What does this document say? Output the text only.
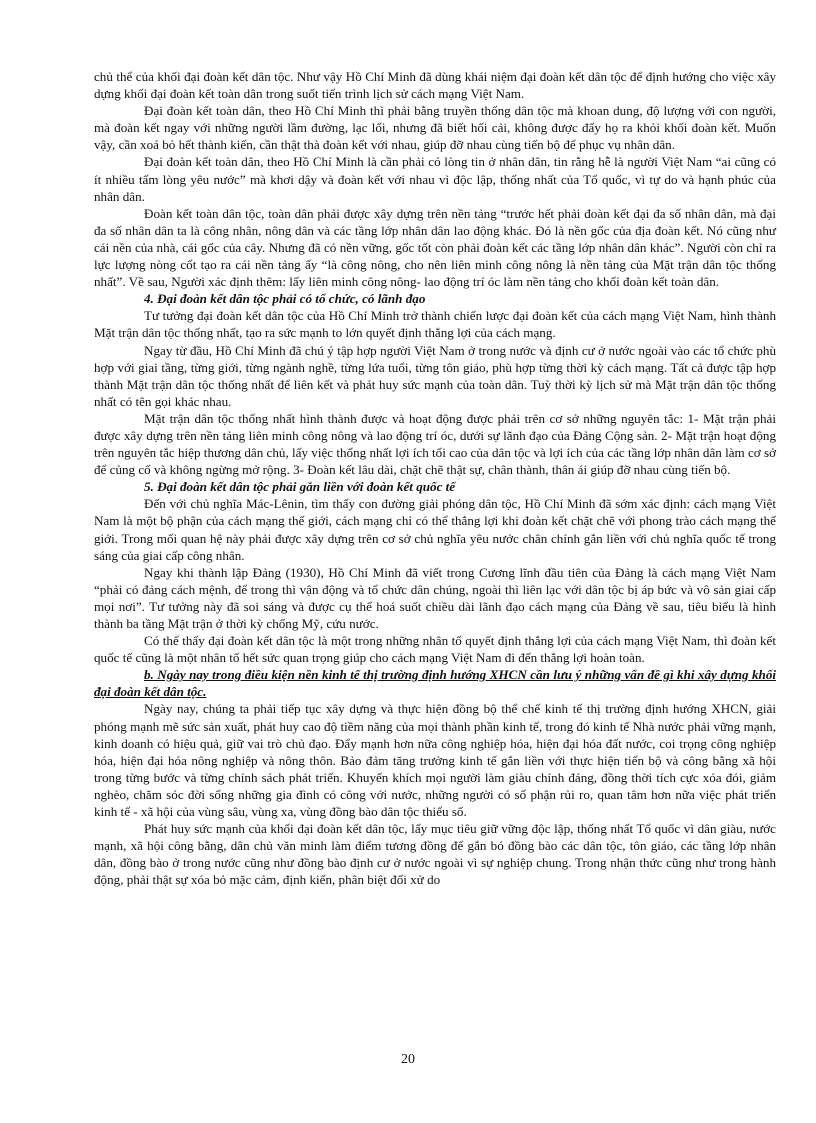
chủ thể của khối đại đoàn kết dân tộc. Như vậy Hồ Chí Minh đã dùng khái niệm đại đoàn kết dân tộc để định hướng cho việc xây dựng khối đại đoàn kết toàn dân trong suốt tiến trình lịch sử cách mạng Việt Nam.

Đại đoàn kết toàn dân, theo Hồ Chí Minh thì phải bằng truyền thống dân tộc mà khoan dung, độ lượng với con người, mà đoàn kết ngay với những người lầm đường, lạc lối, nhưng đã biết hối cải, không được đẩy họ ra khỏi khối đoàn kết. Muốn vậy, cần xoá bỏ hết thành kiến, cần thật thà đoàn kết với nhau, giúp đỡ nhau cùng tiến bộ để phục vụ nhân dân.

Đại đoàn kết toàn dân, theo Hồ Chí Minh là cần phải có lòng tin ở nhân dân, tin rằng hễ là người Việt Nam “ai cũng có ít nhiều tấm lòng yêu nước” mà khơi dậy và đoàn kết với nhau vì độc lập, thống nhất của Tổ quốc, vì tự do và hạnh phúc của nhân dân.

Đoàn kết toàn dân tộc, toàn dân phải được xây dựng trên nền tảng “trước hết phải đoàn kết đại đa số nhân dân, mà đại đa số nhân dân ta là công nhân, nông dân và các tầng lớp nhân dân lao động khác. Đó là nền gốc của địa đoàn kết. Nó cũng như cái nền của nhà, cái gốc của cây. Nhưng đã có nền vững, gốc tốt còn phải đoàn kết các tầng lớp nhân dân khác”. Người còn chỉ ra lực lượng nòng cốt tạo ra cái nền tảng ấy “là công nông, cho nên liên minh công nông là nền tảng của Mặt trận dân tộc thống nhất”. Về sau, Người xác định thêm: lấy liên minh công nông- lao động trí óc làm nền tảng cho khối đoàn kết toàn dân.

4. Đại đoàn kết dân tộc phải có tổ chức, có lãnh đạo

Tư tưởng đại đoàn kết dân tộc của Hồ Chí Minh trở thành chiến lược đại đoàn kết của cách mạng Việt Nam, hình thành Mặt trận dân tộc thống nhất, tạo ra sức mạnh to lớn quyết định thắng lợi của cách mạng.

Ngay từ đầu, Hồ Chí Minh đã chú ý tập hợp người Việt Nam ở trong nước và định cư ở nước ngoài vào các tổ chức phù hợp với giai tầng, từng giới, từng ngành nghề, từng lứa tuổi, từng tôn giáo, phù hợp từng thời kỳ cách mạng. Tất cả được tập hợp thành Mặt trận dân tộc thống nhất để liên kết và phát huy sức mạnh của toàn dân. Tuỳ thời kỳ lịch sử mà Mặt trận dân tộc thống nhất có tên gọi khác nhau.

Mặt trận dân tộc thống nhất hình thành được và hoạt động được phải trên cơ sở những nguyên tắc: 1- Mặt trận phải được xây dựng trên nền tảng liên minh công nông và lao động trí óc, dưới sự lãnh đạo của Đảng Cộng sản. 2- Mặt trận hoạt động trên nguyên tắc hiệp thương dân chủ, lấy việc thống nhất lợi ích tối cao của dân tộc và lợi ích của các tầng lớp nhân dân làm cơ sở để củng cố và không ngừng mở rộng. 3- Đoàn kết lâu dài, chặt chẽ thật sự, chân thành, thân ái giúp đỡ nhau cùng tiến bộ.

5. Đại đoàn kết dân tộc phải gắn liền với đoàn kết quốc tế

Đến với chủ nghĩa Mác-Lênin, tìm thấy con đường giải phóng dân tộc, Hồ Chí Minh đã sớm xác định: cách mạng Việt Nam là một bộ phận của cách mạng thế giới, cách mạng chỉ có thể thắng lợi khi đoàn kết chặt chẽ với phong trào cách mạng thế giới. Trong mối quan hệ này phải được xây dựng trên cơ sở chủ nghĩa yêu nước chân chính gắn liền với chủ nghĩa quốc tế trong sáng của giai cấp công nhân.

Ngay khi thành lập Đảng (1930), Hồ Chí Minh đã viết trong Cương lĩnh đầu tiên của Đảng là cách mạng Việt Nam “phải có đảng cách mệnh, để trong thì vận động và tổ chức dân chúng, ngoài thì liên lạc với dân tộc bị áp bức và vô sản giai cấp mọi nơi”. Tư tưởng này đã soi sáng và được cụ thể hoá suốt chiều dài lãnh đạo cách mạng của Đảng về sau, tiêu biểu là hình thành ba tầng Mặt trận ở thời kỳ chống Mỹ, cứu nước.

Có thể thấy đại đoàn kết dân tộc là một trong những nhân tố quyết định thắng lợi của cách mạng Việt Nam, thì đoàn kết quốc tế cũng là một nhân tố hết sức quan trọng giúp cho cách mạng Việt Nam đi đến thắng lợi hoàn toàn.

b. Ngày nay trong điều kiện nền kinh tế thị trường định hướng XHCN cần lưu ý những vấn đề gì khi xây dựng khối đại đoàn kết dân tộc.

Ngày nay, chúng ta phải tiếp tục xây dựng và thực hiện đồng bộ thể chế kinh tế thị trường định hướng XHCN, giải phóng mạnh mẽ sức sản xuất, phát huy cao độ tiềm năng của mọi thành phần kinh tế, trong đó kinh tế Nhà nước phải vững mạnh, kinh doanh có hiệu quả, giữ vai trò chủ đạo. Đẩy mạnh hơn nữa công nghiệp hóa, hiện đại hóa đất nước, coi trọng công nghiệp hóa, hiện đại hóa nông nghiệp và nông thôn. Bảo đảm tăng trưởng kinh tế gắn liền với thực hiện tiến bộ và công bằng xã hội trong từng bước và từng chính sách phát triển. Khuyến khích mọi người làm giàu chính đáng, đồng thời tích cực xóa đói, giảm nghèo, chăm sóc đời sống những gia đình có công với nước, những người có số phận rủi ro, quan tâm hơn nữa việc phát triển kinh tế - xã hội của vùng sâu, vùng xa, vùng đồng bào dân tộc thiểu số.

Phát huy sức mạnh của khối đại đoàn kết dân tộc, lấy mục tiêu giữ vững độc lập, thống nhất Tổ quốc vì dân giàu, nước mạnh, xã hội công bằng, dân chủ văn minh làm điểm tương đồng để gắn bó đồng bào các dân tộc, tôn giáo, các tầng lớp nhân dân, đồng bào ở trong nước cũng như đồng bào định cư ở nước ngoài vì sự nghiệp chung. Trong nhận thức cũng như trong hành động, phải thật sự xóa bỏ mặc cảm, định kiến, phân biệt đối xử do

20
